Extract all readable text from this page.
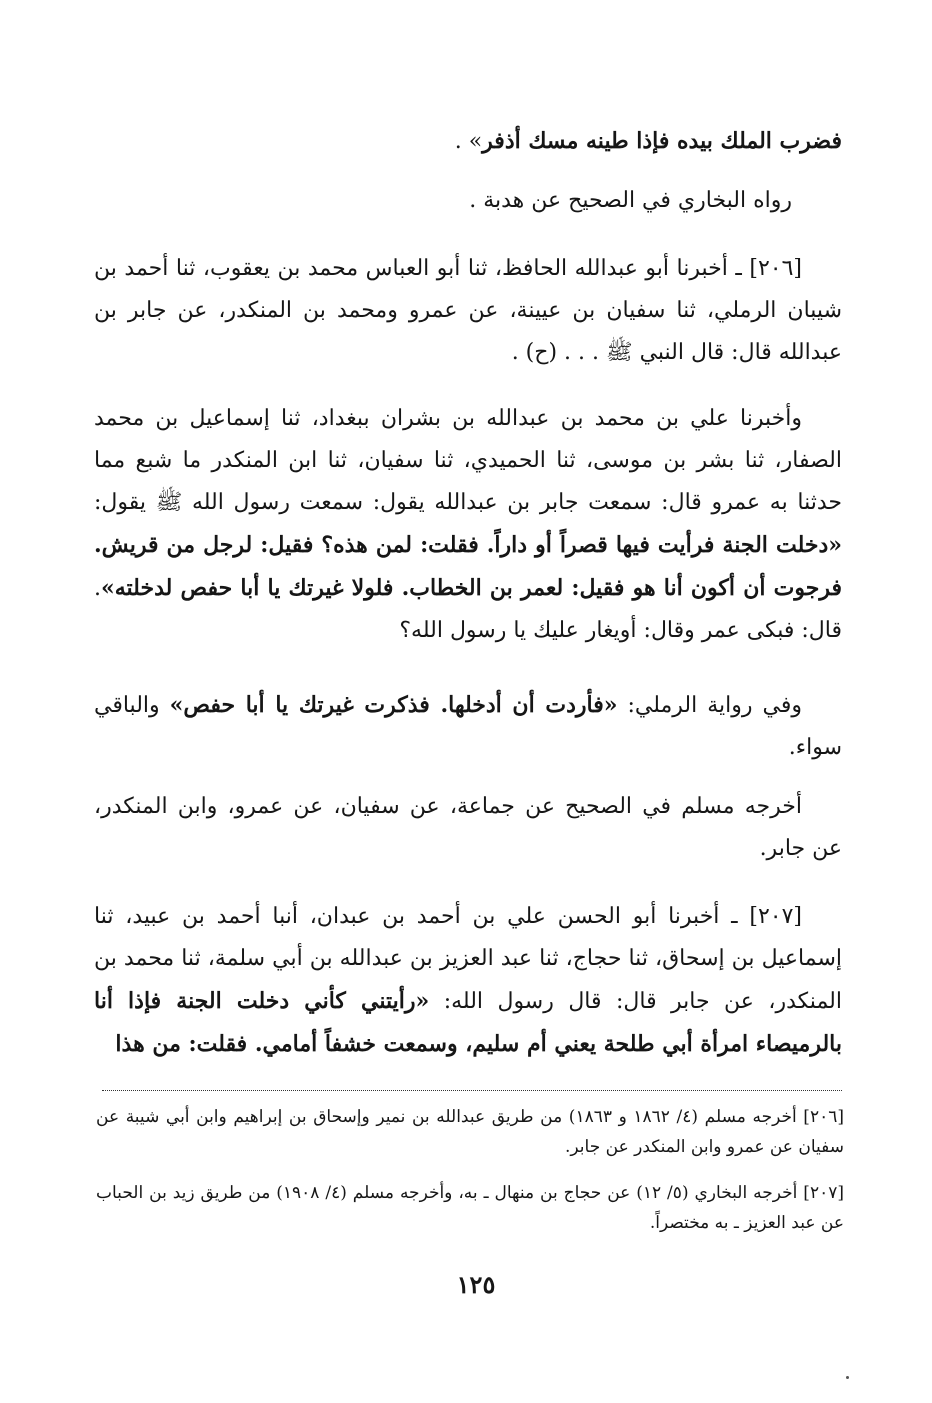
فضرب الملك بيده فإذا طينه مسك أذفر» .
رواه البخاري في الصحيح عن هدبة .
[٢٠٦] ـ أخبرنا أبو عبدالله الحافظ، ثنا أبو العباس محمد بن يعقوب، ثنا أحمد بن شيبان الرملي، ثنا سفيان بن عيينة، عن عمرو ومحمد بن المنكدر، عن جابر بن عبدالله قال: قال النبي ﷺ . . . (ح) .
وأخبرنا علي بن محمد بن عبدالله بن بشران ببغداد، ثنا إسماعيل بن محمد الصفار، ثنا بشر بن موسى، ثنا الحميدي، ثنا سفيان، ثنا ابن المنكدر ما شبع مما حدثنا به عمرو قال: سمعت جابر بن عبدالله يقول: سمعت رسول الله ﷺ يقول: «دخلت الجنة فرأيت فيها قصراً أو داراً. فقلت: لمن هذه؟ فقيل: لرجل من قريش. فرجوت أن أكون أنا هو فقيل: لعمر بن الخطاب. فلولا غيرتك يا أبا حفص لدخلته». قال: فبكى عمر وقال: أويغار عليك يا رسول الله؟
وفي رواية الرملي: «فأردت أن أدخلها. فذكرت غيرتك يا أبا حفص» والباقي سواء.
أخرجه مسلم في الصحيح عن جماعة، عن سفيان، عن عمرو، وابن المنكدر، عن جابر.
[٢٠٧] ـ أخبرنا أبو الحسن علي بن أحمد بن عبدان، أنبا أحمد بن عبيد، ثنا إسماعيل بن إسحاق، ثنا حجاج، ثنا عبد العزيز بن عبدالله بن أبي سلمة، ثنا محمد بن المنكدر، عن جابر قال: قال رسول الله: «رأيتني كأني دخلت الجنة فإذا أنا بالرميصاء امرأة أبي طلحة يعني أم سليم، وسمعت خشفاً أمامي. فقلت: من هذا
[٢٠٦] أخرجه مسلم (٤/ ١٨٦٢ و ١٨٦٣) من طريق عبدالله بن نمير وإسحاق بن إبراهيم وابن أبي شيبة عن سفيان عن عمرو وابن المنكدر عن جابر.
[٢٠٧] أخرجه البخاري (٥/ ١٢) عن حجاج بن منهال ـ به، وأخرجه مسلم (٤/ ١٩٠٨) من طريق زيد بن الحباب عن عبد العزيز ـ به مختصراً.
١٢٥
